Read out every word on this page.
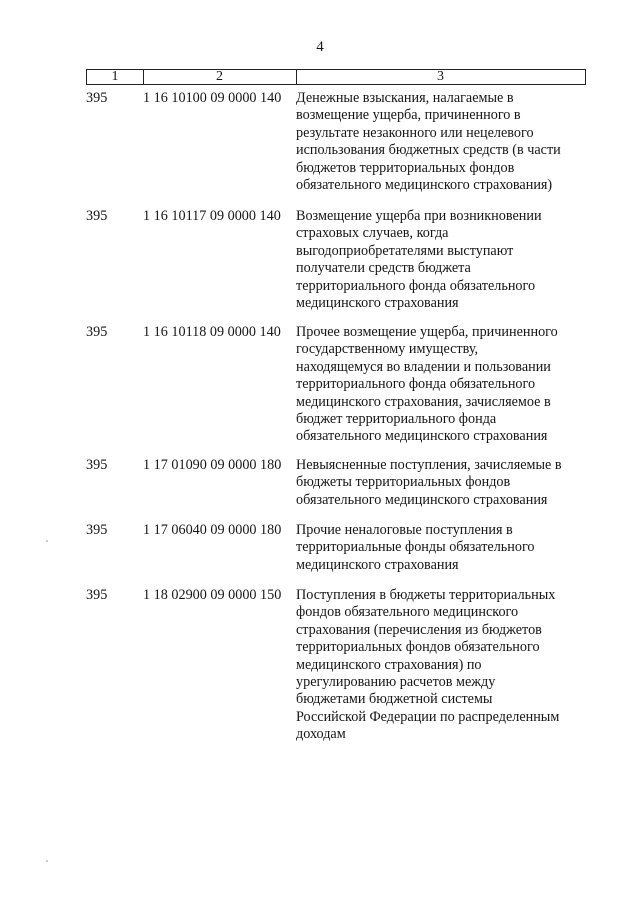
4
1	2	3
395	1 16 10100 09 0000 140 Денежные взыскания, налагаемые в
возмещение ущерба, причиненного в
результате незаконного или нецелевого
использования бюджетных средств (в части
бюджетов территориальных фондов
обязательного медицинского страхования)
395	1 16 10117 09 0000 140 Возмещение ущерба при возникновении
страховых случаев, когда
выгодоприобретателями выступают
получатели средств бюджета
территориального фонда обязательного
медицинского страхования
395	1 16 10118 09 0000 140 Прочее возмещение ущерба, причиненного
государственному имуществу,
находящемуся во владении и пользовании
территориального фонда обязательного
медицинского страхования, зачисляемое в
бюджет территориального фонда
обязательного медицинского страхования
395	1 17 01090 09 0000 180 Невыясненные поступления, зачисляемые в
бюджеты территориальных фондов
обязательного медицинского страхования
395	1 17 06040 09 0000 180 Прочие неналоговые поступления в
территориальные фонды обязательного
медицинского страхования
395	1 18 02900 09 0000 150 Поступления в бюджеты территориальных
фондов обязательного медицинского
страхования (перечисления из бюджетов
территориальных фондов обязательного
медицинского страхования) по
урегулированию расчетов между
бюджетами бюджетной системы
Российской Федерации по распределенным
доходам
